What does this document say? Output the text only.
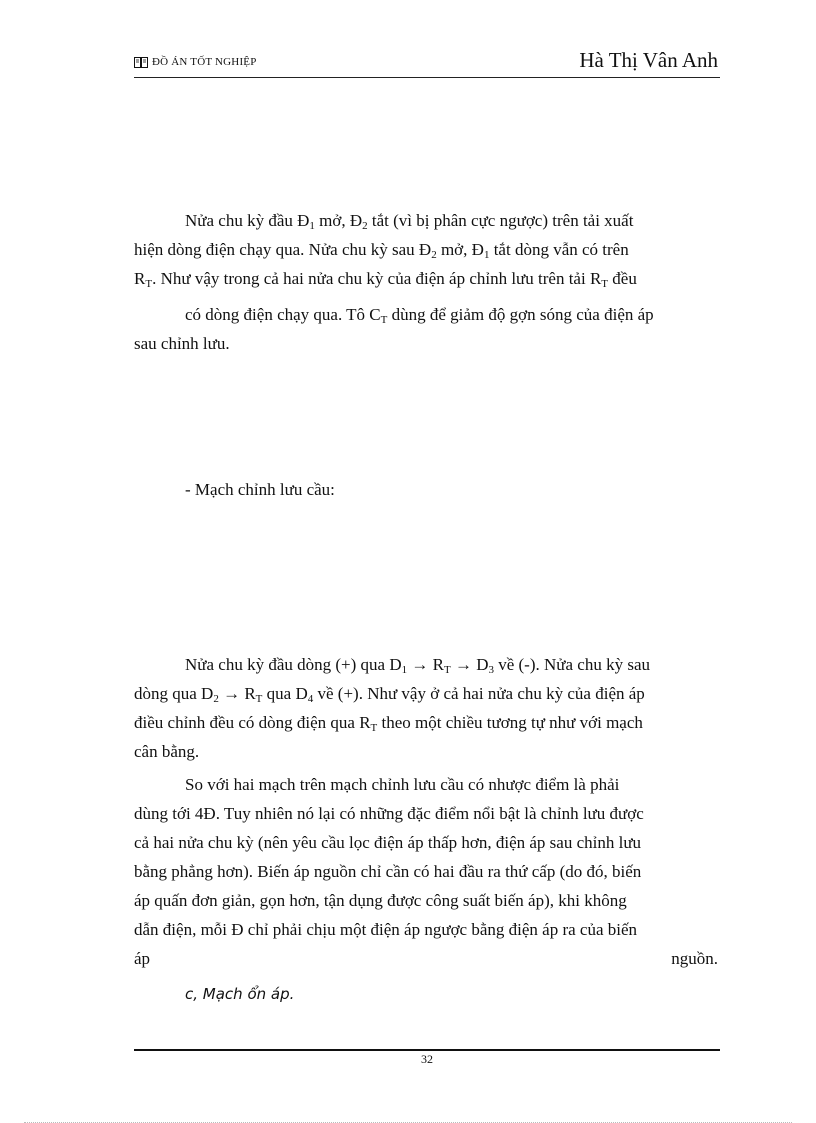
ĐỒ ÁN TỐT NGHIỆP	Hà Thị Vân Anh
Nửa chu kỳ đầu $Đ_1$ mở, $Đ_2$ tắt (vì bị phân cực ngược) trên tải xuất
hiện dòng điện chạy qua. Nửa chu kỳ sau $Đ_2$ mở, $Đ_1$ tắt dòng vẫn có trên
$R_T$. Như vậy trong cả hai nửa chu kỳ của điện áp chỉnh lưu trên tải $R_T$ đều
có dòng điện chạy qua. Tô $C_T$ dùng để giảm độ gợn sóng của điện áp
sau chỉnh lưu.
- Mạch chỉnh lưu cầu:
Nửa chu kỳ đầu dòng (+) qua $D_1 \to R_T \to D_3$ về (-). Nửa chu kỳ sau
dòng qua $D_2 \to R_T$ qua $D_4$ về (+). Như vậy ở cả hai nửa chu kỳ của điện áp
điều chỉnh đều có dòng điện qua $R_T$ theo một chiều tương tự như với mạch
cân bằng.
So với hai mạch trên mạch chỉnh lưu cầu có nhược điểm là phải
dùng tới 4Đ. Tuy nhiên nó lại có những đặc điểm nổi bật là chỉnh lưu được
cả hai nửa chu kỳ (nên yêu cầu lọc điện áp thấp hơn, điện áp sau chỉnh lưu
bằng phẳng hơn). Biến áp nguồn chỉ cần có hai đầu ra thứ cấp (do đó, biến
áp quấn đơn giản, gọn hơn, tận dụng được công suất biến áp), khi không
dẫn điện, mỗi Đ chỉ phải chịu một điện áp ngược bằng điện áp ra của biến
áp	nguồn.
c, Mạch ổn áp.
32
